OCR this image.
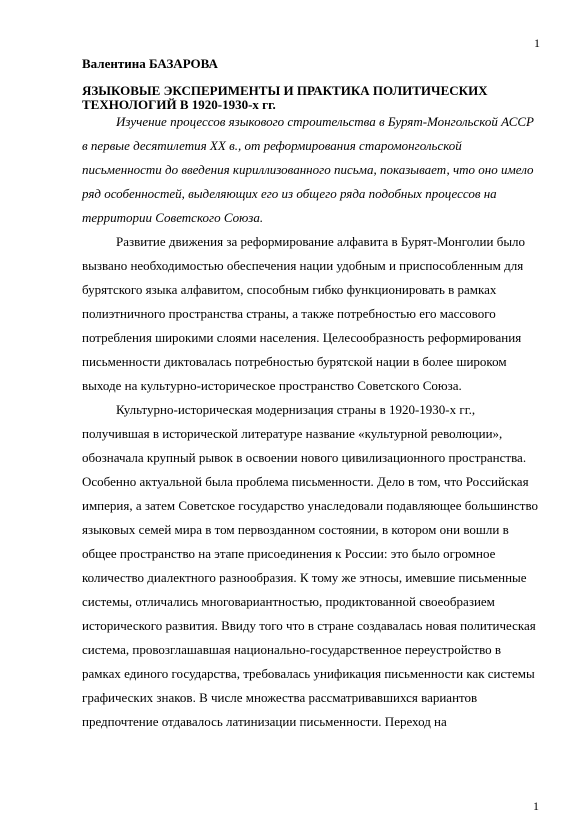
1

Валентина БАЗАРОВА

ЯЗЫКОВЫЕ ЭКСПЕРИМЕНТЫ И ПРАКТИКА ПОЛИТИЧЕСКИХ ТЕХНОЛОГИЙ В 1920-1930-х гг.

Изучение процессов языкового строительства в Бурят-Монгольской АССР в первые десятилетия XX в., от реформирования старомонгольской письменности до введения кириллизованного письма, показывает, что оно имело ряд особенностей, выделяющих его из общего ряда подобных процессов на территории Советского Союза.

Развитие движения за реформирование алфавита в Бурят-Монголии было вызвано необходимостью обеспечения нации удобным и приспособленным для бурятского языка алфавитом, способным гибко функционировать в рамках полиэтничного пространства страны, а также потребностью его массового потребления широкими слоями населения. Целесообразность реформирования письменности диктовалась потребностью бурятской нации в более широком выходе на культурно-историческое пространство Советского Союза.

Культурно-историческая модернизация страны в 1920-1930-х гг., получившая в исторической литературе название «культурной революции», обозначала крупный рывок в освоении нового цивилизационного пространства. Особенно актуальной была проблема письменности. Дело в том, что Российская империя, а затем Советское государство унаследовали подавляющее большинство языковых семей мира в том первозданном состоянии, в котором они вошли в общее пространство на этапе присоединения к России: это было огромное количество диалектного разнообразия. К тому же этносы, имевшие письменные системы, отличались многовариантностью, продиктованной своеобразием исторического развития. Ввиду того что в стране создавалась новая политическая система, провозглашавшая национально-государственное переустройство в рамках единого государства, требовалась унификация письменности как системы графических знаков. В числе множества рассматривавшихся вариантов предпочтение отдавалось латинизации письменности. Переход на

1
